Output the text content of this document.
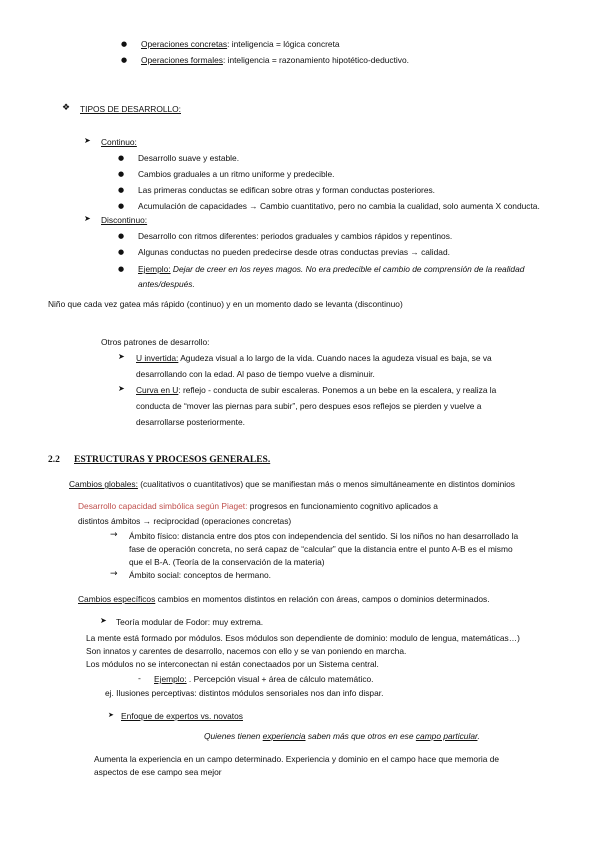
● Operaciones concretas: inteligencia = lógica concreta
● Operaciones formales: inteligencia = razonamiento hipotético-deductivo.
❖ TIPOS DE DESARROLLO:
➤ Continuo:
● Desarrollo suave y estable.
● Cambios graduales a un ritmo uniforme y predecible.
● Las primeras conductas se edifican sobre otras y forman conductas posteriores.
● Acumulación de capacidades → Cambio cuantitativo, pero no cambia la cualidad, solo aumenta X conducta.
➤ Discontinuo:
● Desarrollo con ritmos diferentes: periodos graduales y cambios rápidos y repentinos.
● Algunas conductas no pueden predecirse desde otras conductas previas → calidad.
● Ejemplo: Dejar de creer en los reyes magos. No era predecible el cambio de comprensión de la realidad
antes/después.
Niño que cada vez gatea más rápido (continuo) y en un momento dado se levanta (discontinuo)
Otros patrones de desarrollo:
➤ U invertida: Agudeza visual a lo largo de la vida. Cuando naces la agudeza visual es baja, se va
desarrollando con la edad. Al paso de tiempo vuelve a disminuir.
➤ Curva en U: reflejo - conducta de subir escaleras. Ponemos a un bebe en la escalera, y realiza la
conducta de “mover las piernas para subir”, pero despues esos reflejos se pierden y vuelve a
desarrollarse posteriormente.
2.2 ESTRUCTURAS Y PROCESOS GENERALES.
Cambios globales: (cualitativos o cuantitativos) que se manifiestan más o menos simultáneamente en distintos dominios
Desarrollo capacidad simbólica según Piaget: progresos en funcionamiento cognitivo aplicados a
distintos ámbitos → reciprocidad (operaciones concretas)
→ Ámbito físico: distancia entre dos ptos con independencia del sentido. Si los niños no han desarrollado la
fase de operación concreta, no será capaz de “calcular” que la distancia entre el punto A-B es el mismo
que el B-A. (Teoría de la conservación de la materia)
→ Ámbito social: conceptos de hermano.
Cambios específicos cambios en momentos distintos en relación con áreas, campos o dominios determinados.
➤ Teoría modular de Fodor: muy extrema.
La mente está formado por módulos. Esos módulos son dependiente de dominio: modulo de lengua, matemáticas…)
Son innatos y carentes de desarrollo, nacemos con ello y se van poniendo en marcha.
Los módulos no se interconectan ni están conectaados por un Sistema central.
- Ejemplo: . Percepción visual + área de cálculo matemático.
ej. Ilusiones perceptivas: distintos módulos sensoriales nos dan info dispar.
➤ Enfoque de expertos vs. novatos
Quienes tienen experiencia saben más que otros en ese campo particular.
Aumenta la experiencia en un campo determinado. Experiencia y dominio en el campo hace que memoria de
aspectos de ese campo sea mejor
